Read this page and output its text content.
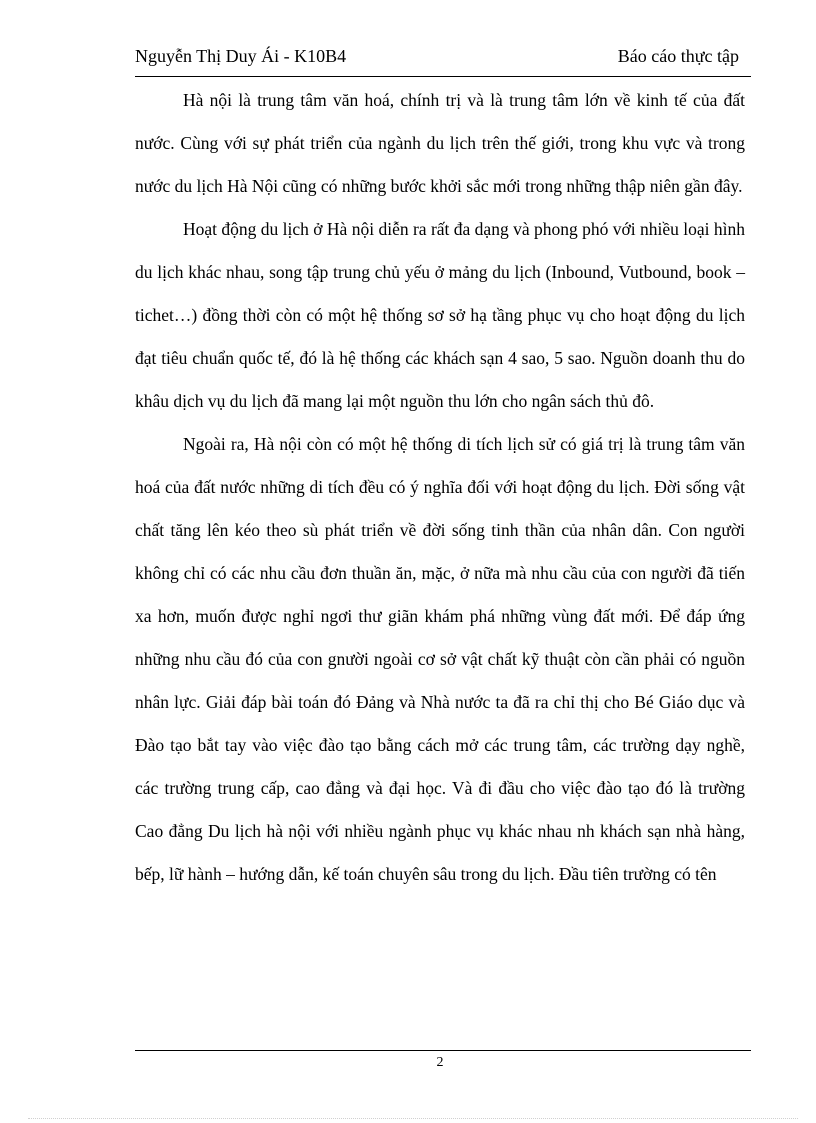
Nguyễn Thị Duy Ái - K10B4	Báo cáo thực tập

Hà nội là trung tâm văn hoá, chính trị và là trung tâm lớn về kinh tế của đất nước. Cùng với sự phát triển của ngành du lịch trên thế giới, trong khu vực và trong nước du lịch Hà Nội cũng có những bước khởi sắc mới trong những thập niên gần đây.

Hoạt động du lịch ở Hà nội diễn ra rất đa dạng và phong phó với nhiều loại hình du lịch khác nhau, song tập trung chủ yếu ở mảng du lịch (Inbound, Vutbound, book –tichet…) đồng thời còn có một hệ thống sơ sở hạ tầng phục vụ cho hoạt động du lịch đạt tiêu chuẩn quốc tế, đó là hệ thống các khách sạn 4 sao, 5 sao. Nguồn doanh thu do khâu dịch vụ du lịch đã mang lại một nguồn thu lớn cho ngân sách thủ đô.

Ngoài ra, Hà nội còn có một hệ thống di tích lịch sử có giá trị là trung tâm văn hoá của đất nước những di tích đều có ý nghĩa đối với hoạt động du lịch. Đời sống vật chất tăng lên kéo theo sù phát triển về đời sống tinh thần của nhân dân. Con người không chỉ có các nhu cầu đơn thuần ăn, mặc, ở nữa mà nhu cầu của con người đã tiến xa hơn, muốn được nghỉ ngơi thư giãn khám phá những vùng đất mới. Để đáp ứng những nhu cầu đó của con gnười ngoài cơ sở vật chất kỹ thuật còn cần phải có nguồn nhân lực. Giải đáp bài toán đó Đảng và Nhà nước ta đã ra chỉ thị cho Bé Giáo dục và Đào tạo bắt tay vào việc đào tạo bằng cách mở các trung tâm, các trường dạy nghề, các trường trung cấp, cao đẳng và đại học. Và đi đầu cho việc đào tạo đó là trường Cao đẳng Du lịch hà nội với nhiều ngành phục vụ khác nhau nh khách sạn nhà hàng, bếp, lữ hành – hướng dẫn, kế toán chuyên sâu trong du lịch. Đầu tiên trường có tên

2
